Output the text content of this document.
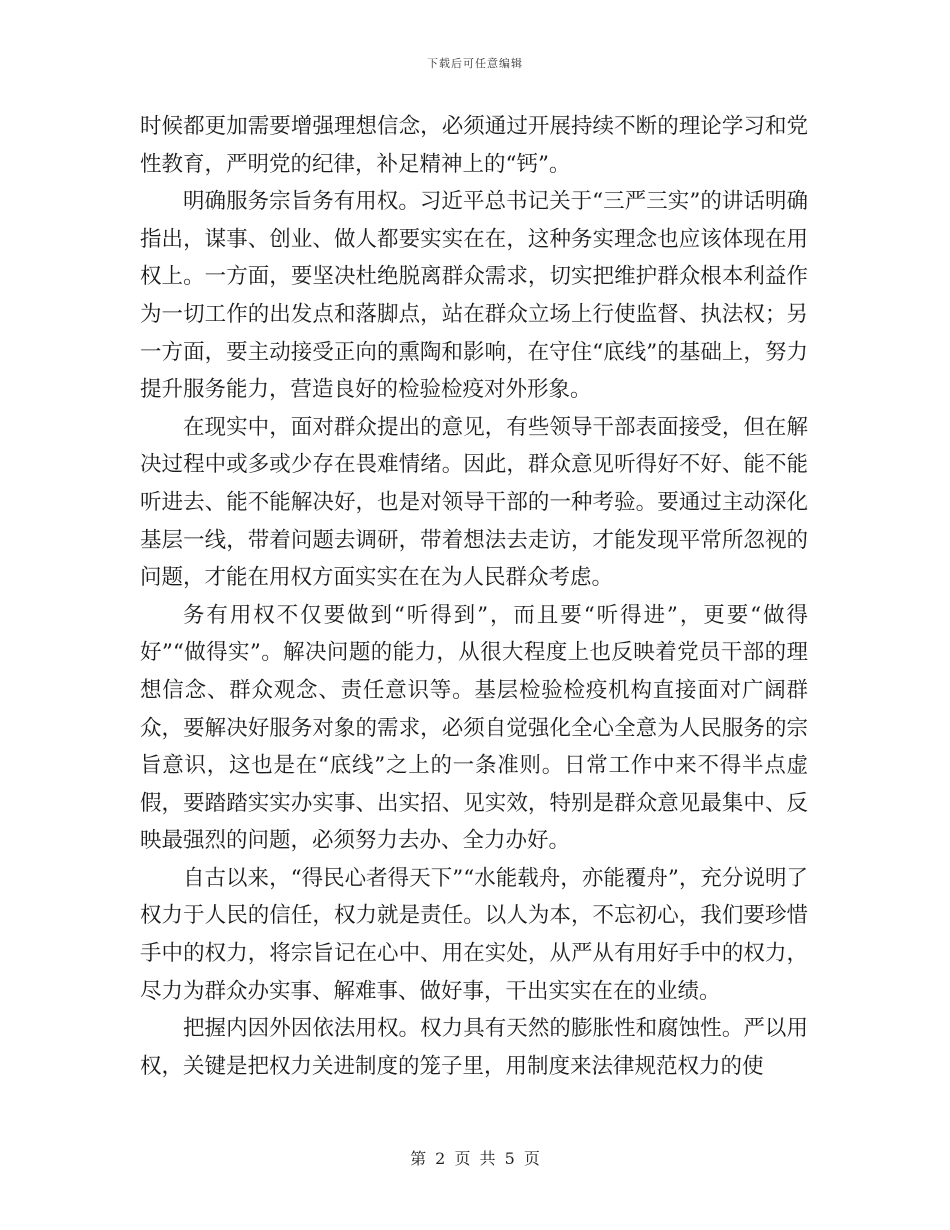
下载后可任意编辑

时候都更加需要增强理想信念，必须通过开展持续不断的理论学习和党性教育，严明党的纪律，补足精神上的“钙”。

明确服务宗旨务有用权。习近平总书记关于“三严三实”的讲话明确指出，谋事、创业、做人都要实实在在，这种务实理念也应该体现在用权上。一方面，要坚决杜绝脱离群众需求，切实把维护群众根本利益作为一切工作的出发点和落脚点，站在群众立场上行使监督、执法权；另一方面，要主动接受正向的熏陶和影响，在守住“底线”的基础上，努力提升服务能力，营造良好的检验检疫对外形象。

在现实中，面对群众提出的意见，有些领导干部表面接受，但在解决过程中或多或少存在畏难情绪。因此，群众意见听得好不好、能不能听进去、能不能解决好，也是对领导干部的一种考验。要通过主动深化基层一线，带着问题去调研，带着想法去走访，才能发现平常所忽视的问题，才能在用权方面实实在在为人民群众考虑。

务有用权不仅要做到“听得到”，而且要“听得进”，更要“做得好”“做得实”。解决问题的能力，从很大程度上也反映着党员干部的理想信念、群众观念、责任意识等。基层检验检疫机构直接面对广阔群众，要解决好服务对象的需求，必须自觉强化全心全意为人民服务的宗旨意识，这也是在“底线”之上的一条准则。日常工作中来不得半点虚假，要踏踏实实办实事、出实招、见实效，特别是群众意见最集中、反映最强烈的问题，必须努力去办、全力办好。

自古以来，“得民心者得天下”“水能载舟，亦能覆舟”，充分说明了权力于人民的信任，权力就是责任。以人为本，不忘初心，我们要珍惜手中的权力，将宗旨记在心中、用在实处，从严从有用好手中的权力，尽力为群众办实事、解难事、做好事，干出实实在在的业绩。

把握内因外因依法用权。权力具有天然的膨胀性和腐蚀性。严以用权，关键是把权力关进制度的笼子里，用制度来法律规范权力的使

第 2 页 共 5 页
